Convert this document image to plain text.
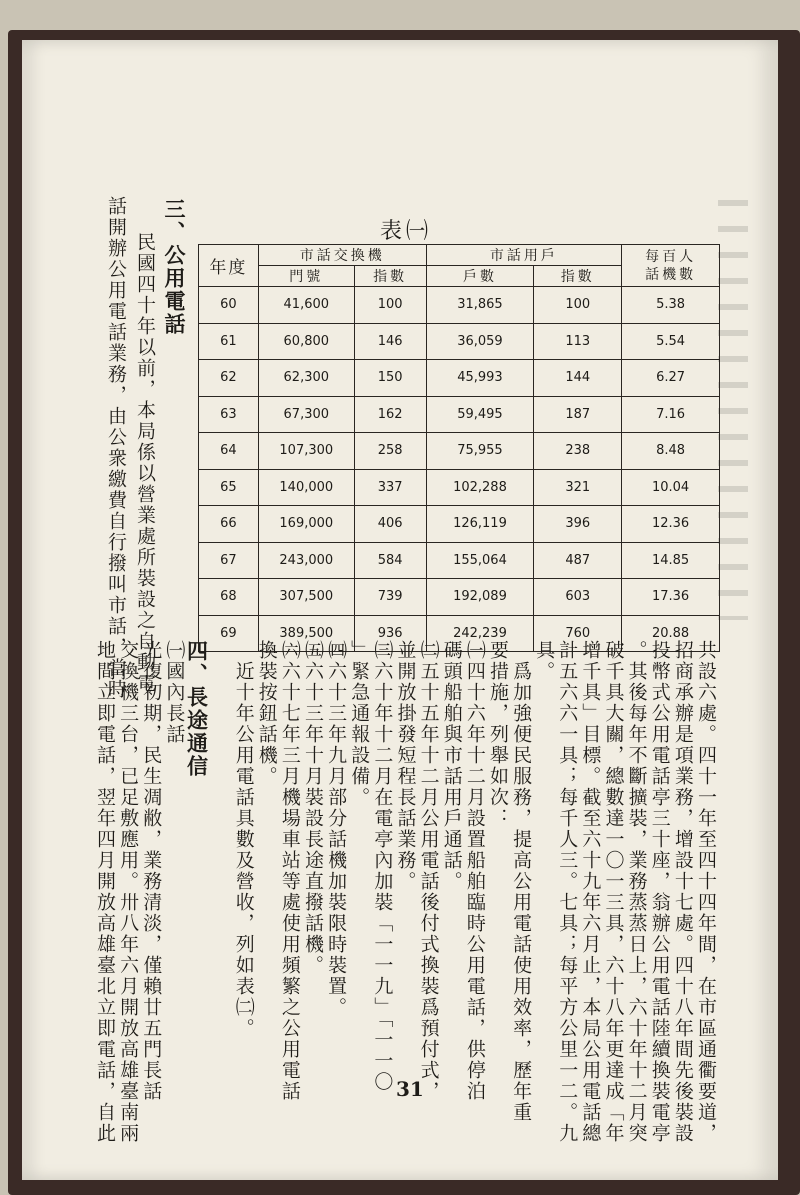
三、公用電話
民國四十年以前，本局係以營業處所裝設之自動電
話開辦公用電話業務，由公衆繳費自行撥叫市話，當時	表㈠
年度	市話交換機		市話用戶		每百人
話機數
	門號	指數	戶數	指數	
60	41,600	100	31,865	100	5.38
61	60,800	146	36,059	113	5.54
62	62,300	150	45,993	144	6.27
63	67,300	162	59,495	187	7.16
64	107,300	258	75,955	238	8.48
65	140,000	337	102,288	321	10.04
66	169,000	406	126,119	396	12.36
67	243,000	584	155,064	487	14.85
68	307,500	739	192,089	603	17.36
69	389,500	936	242,239	760	20.88
共設六處。四十一年至四十四年間，在市區通衢要道，
招商承辦是項業務，增設十七處。四十八年間先後裝設
投幣式公用電話亭三十座，翁辦公用電話陸續換裝電亭
。其後每年不斷擴裝，業務蒸蒸日上，六十年十二月突
破千具大關，總數達一〇一三具，六十八年更達成「年
增千具」目標。截至六十九年六月止，本局公用電話總
計五六六一具；每千人三。七具；每平方公里一二。九
具。
　爲加強便民服務，提高公用電話使用效率，歷年重
要措施，列舉如次：
㈠四十六年十二月設置船舶臨時公用電話，供停泊
碼頭船舶與市話用戶通話。
㈡五十五年十二月公用電話後付式換裝爲預付式，
並開放掛發短程長話業務。
㈢六十年十二月在電亭內加裝「一一九」「一一〇
」緊急通報設備。
㈣六十三年九月部分話機加裝限時裝置。
㈤六十三年十月裝設長途直撥話機。
㈥六十七年三月機場車站等處使用頻繁之公用電話
換裝按鈕話機。
　近十年公用電話具數及營收，列如表㈡。
四、長途通信
㈠國內長話
光復初期，民生凋敝，業務清淡，僅賴廿五門長話
交換機三台，已足敷應用。卅八年六月開放高雄臺南兩
地間立即電話，翌年四月開放高雄臺北立即電話，自此	31
